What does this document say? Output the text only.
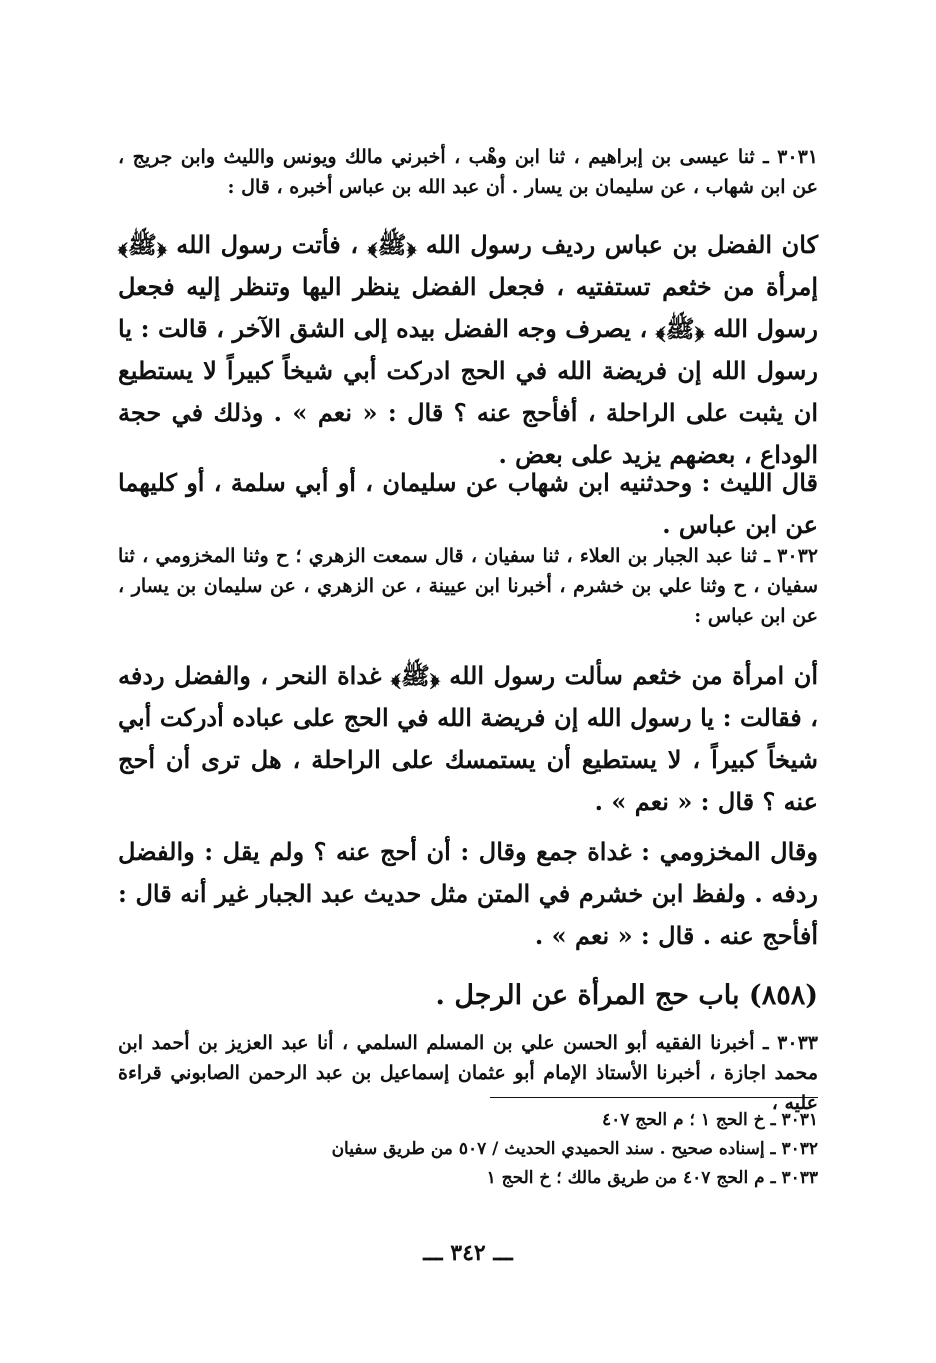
٣٠٣١ ـ ثنا عيسى بن إبراهيم ، ثنا ابن وهْب ، أخبرني مالك ويونس والليث وابن جريج ، عن ابن شهاب ، عن سليمان بن يسار . أن عبد الله بن عباس أخبره ، قال :

كان الفضل بن عباس رديف رسول الله ﴿ﷺ﴾ ، فأتت رسول الله ﴿ﷺ﴾ إمرأة من خثعم تستفتيه ، فجعل الفضل ينظر اليها وتنظر إليه فجعل رسول الله ﴿ﷺ﴾ ، يصرف وجه الفضل بيده إلى الشق الآخر ، قالت : يا رسول الله إن فريضة الله في الحج ادركت أبي شيخاً كبيراً لا يستطيع ان يثبت على الراحلة ، أفأحج عنه ؟ قال : « نعم » . وذلك في حجة الوداع ، بعضهم يزيد على بعض .

قال الليث : وحدثنيه ابن شهاب عن سليمان ، أو أبي سلمة ، أو كليهما عن ابن عباس .

٣٠٣٢ ـ ثنا عبد الجبار بن العلاء ، ثنا سفيان ، قال سمعت الزهري ؛ ح وثنا المخزومي ، ثنا سفيان ، ح وثنا علي بن خشرم ، أخبرنا ابن عيينة ، عن الزهري ، عن سليمان بن يسار ، عن ابن عباس :

أن امرأة من خثعم سألت رسول الله ﴿ﷺ﴾ غداة النحر ، والفضل ردفه ، فقالت : يا رسول الله إن فريضة الله في الحج على عباده أدركت أبي شيخاً كبيراً ، لا يستطيع أن يستمسك على الراحلة ، هل ترى أن أحج عنه ؟ قال : « نعم » .

وقال المخزومي : غداة جمع وقال : أن أحج عنه ؟ ولم يقل : والفضل ردفه . ولفظ ابن خشرم في المتن مثل حديث عبد الجبار غير أنه قال : أفأحج عنه . قال : « نعم » .

(٨٥٨) باب حج المرأة عن الرجل .

٣٠٣٣ ـ أخبرنا الفقيه أبو الحسن علي بن المسلم السلمي ، أنا عبد العزيز بن أحمد ابن محمد اجازة ، أخبرنا الأستاذ الإمام أبو عثمان إسماعيل بن عبد الرحمن الصابوني قراءة عليه ،

٣٠٣١ ـ خ الحج ١ ؛ م الحج ٤٠٧

٣٠٣٢ ـ إسناده صحيح . سند الحميدي الحديث / ٥٠٧ من طريق سفيان

٣٠٣٣ ـ م الحج ٤٠٧ من طريق مالك ؛ خ الحج ١

ـــ ٣٤٢ ـــ
